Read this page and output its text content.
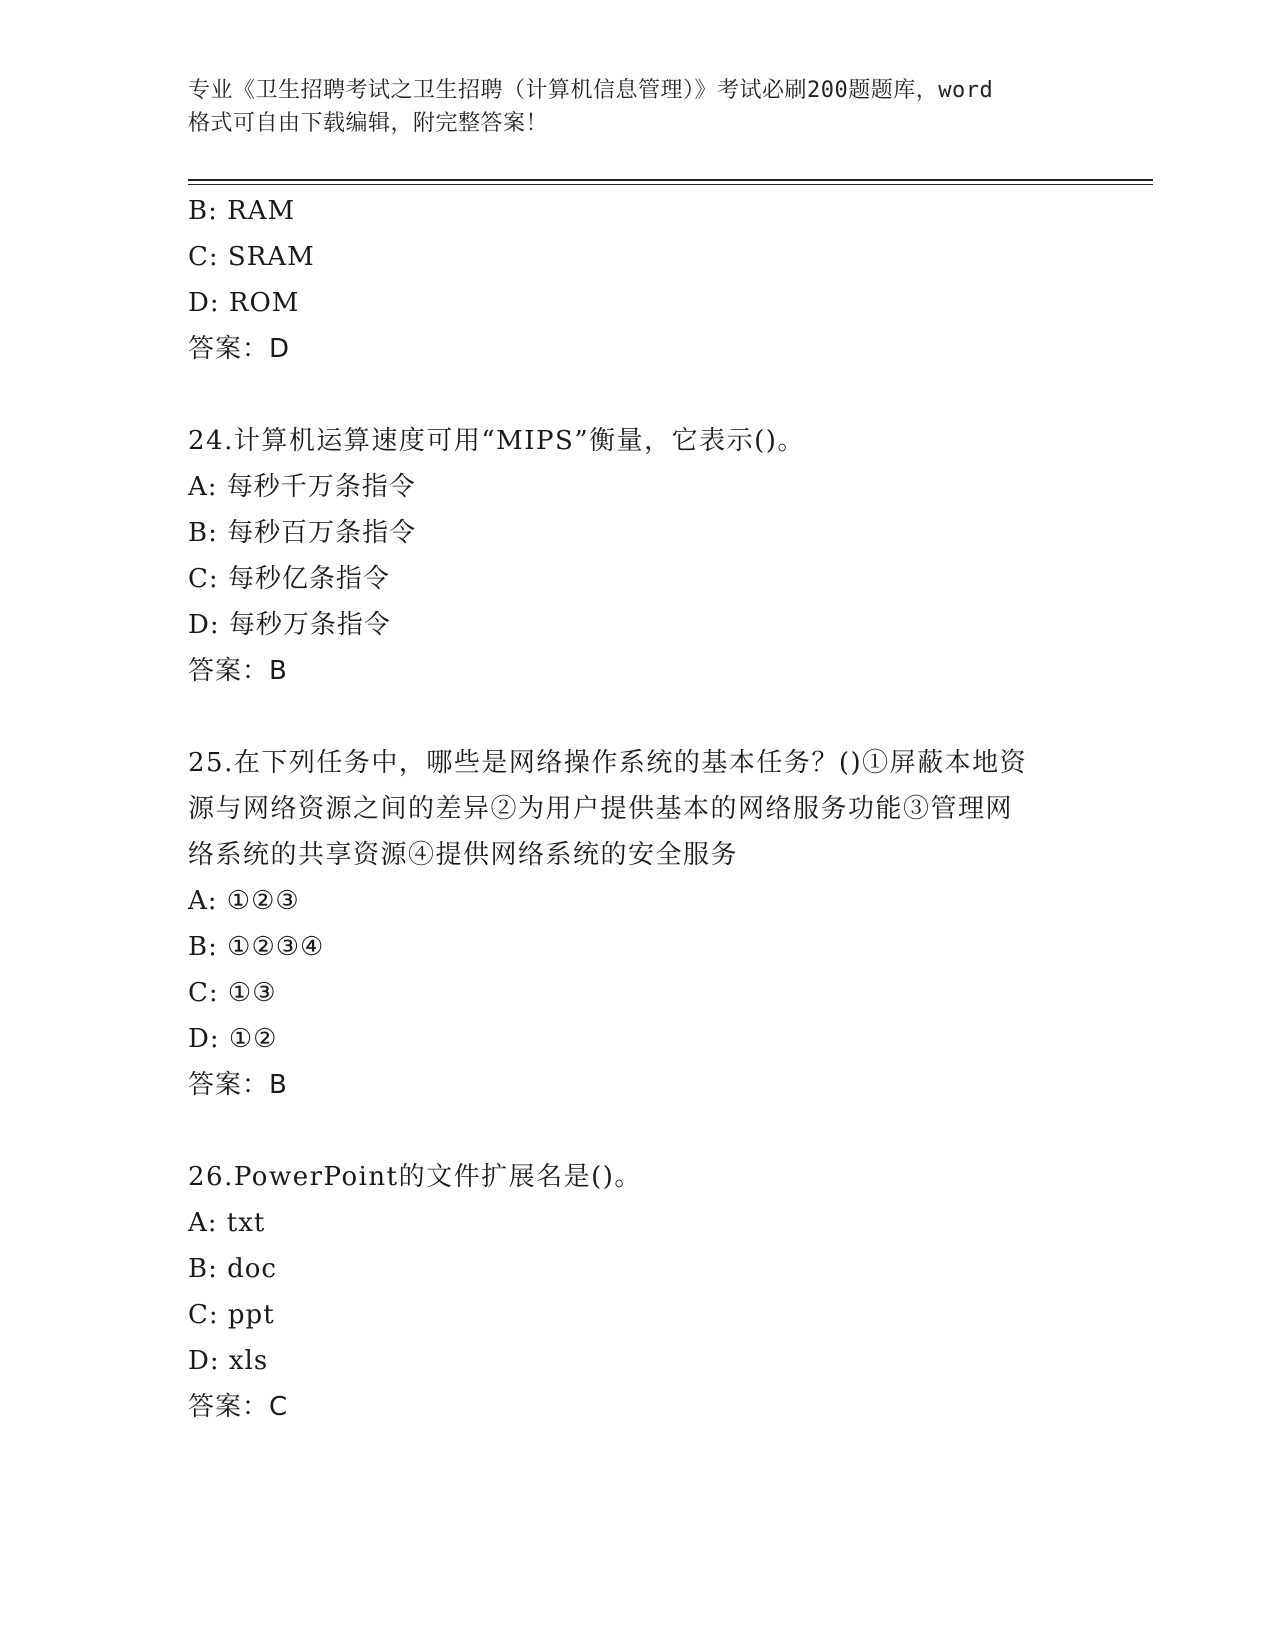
专业《卫生招聘考试之卫生招聘（计算机信息管理）》考试必刷200题题库，word
格式可自由下载编辑，附完整答案！
B: RAM
C: SRAM
D: ROM
答案：D
24.计算机运算速度可用“MIPS”衡量，它表示()。
A: 每秒千万条指令
B: 每秒百万条指令
C: 每秒亿条指令
D: 每秒万条指令
答案：B
25.在下列任务中，哪些是网络操作系统的基本任务？()①屏蔽本地资
源与网络资源之间的差异②为用户提供基本的网络服务功能③管理网
络系统的共享资源④提供网络系统的安全服务
A: ①②③
B: ①②③④
C: ①③
D: ①②
答案：B
26.PowerPoint的文件扩展名是()。
A: txt
B: doc
C: ppt
D: xls
答案：C
